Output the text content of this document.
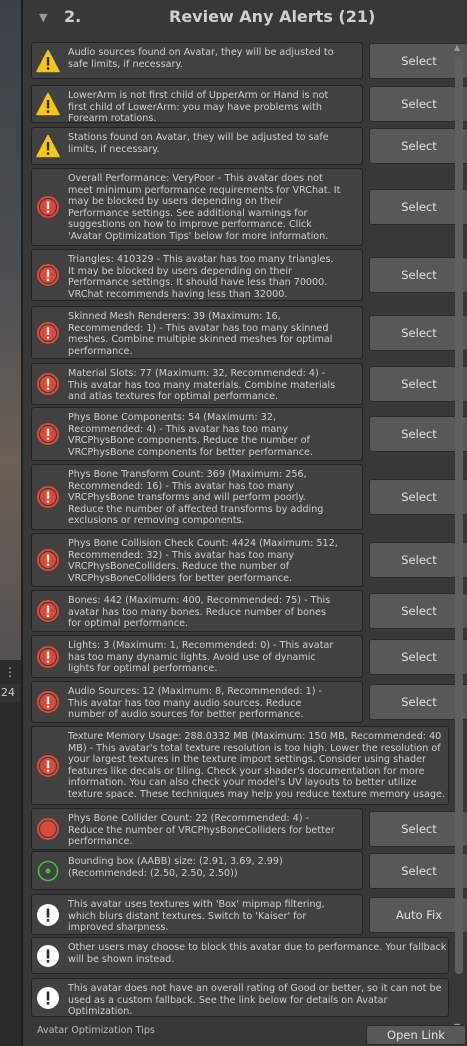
⋮
24
▼ 2.	Review Any Alerts (21)
Audio sources found on Avatar, they will be adjusted to
safe limits, if necessary.	Select
LowerArm is not first child of UpperArm or Hand is not
first child of LowerArm: you may have problems with
Forearm rotations.
Select
Stations found on Avatar, they will be adjusted to safe
limits, if necessary.	Select
Overall Performance: VeryPoor - This avatar does not
meet minimum performance requirements for VRChat. It
may be blocked by users depending on their
Performance settings. See additional warnings for
suggestions on how to improve performance. Click
'Avatar Optimization Tips' below for more information.
Select
Triangles: 410329 - This avatar has too many triangles.
It may be blocked by users depending on their
Performance settings. It should have less than 70000.
VRChat recommends having less than 32000.
Select
Skinned Mesh Renderers: 39 (Maximum: 16,
Recommended: 1) - This avatar has too many skinned
meshes. Combine multiple skinned meshes for optimal
performance.
Select
Material Slots: 77 (Maximum: 32, Recommended: 4) -
This avatar has too many materials. Combine materials
and atlas textures for optimal performance.
Select
Phys Bone Components: 54 (Maximum: 32,
Recommended: 4) - This avatar has too many
VRCPhysBone components. Reduce the number of
VRCPhysBone components for better performance.
Select
Phys Bone Transform Count: 369 (Maximum: 256,
Recommended: 16) - This avatar has too many
VRCPhysBone transforms and will perform poorly.
Reduce the number of affected transforms by adding
exclusions or removing components.
Select
Phys Bone Collision Check Count: 4424 (Maximum: 512,
Recommended: 32) - This avatar has too many
VRCPhysBoneColliders. Reduce the number of
VRCPhysBoneColliders for better performance.
Select
Bones: 442 (Maximum: 400, Recommended: 75) - This
avatar has too many bones. Reduce number of bones
for optimal performance.
Select
Lights: 3 (Maximum: 1, Recommended: 0) - This avatar
has too many dynamic lights. Avoid use of dynamic
lights for optimal performance.
Select
Audio Sources: 12 (Maximum: 8, Recommended: 1) -
This avatar has too many audio sources. Reduce
number of audio sources for better performance.
Select
Texture Memory Usage: 288.0332 MB (Maximum: 150 MB, Recommended: 40
MB) - This avatar's total texture resolution is too high. Lower the resolution of
your largest textures in the texture import settings. Consider using shader
features like decals or tiling. Check your shader's documentation for more
information. You can also check your model's UV layouts to better utilize
texture space. These techniques may help you reduce texture memory usage.
Phys Bone Collider Count: 22 (Recommended: 4) -
Reduce the number of VRCPhysBoneColliders for better
performance.
Select
Bounding box (AABB) size: (2.91, 3.69, 2.99)
(Recommended: (2.50, 2.50, 2.50))	Select
This avatar uses textures with 'Box' mipmap filtering,
which blurs distant textures. Switch to 'Kaiser' for
improved sharpness.
Auto Fix
Other users may choose to block this avatar due to performance. Your fallback
will be shown instead.
This avatar does not have an overall rating of Good or better, so it can not be
used as a custom fallback. See the link below for details on Avatar
Optimization.
▲
Avatar Optimization Tips	Open Link
